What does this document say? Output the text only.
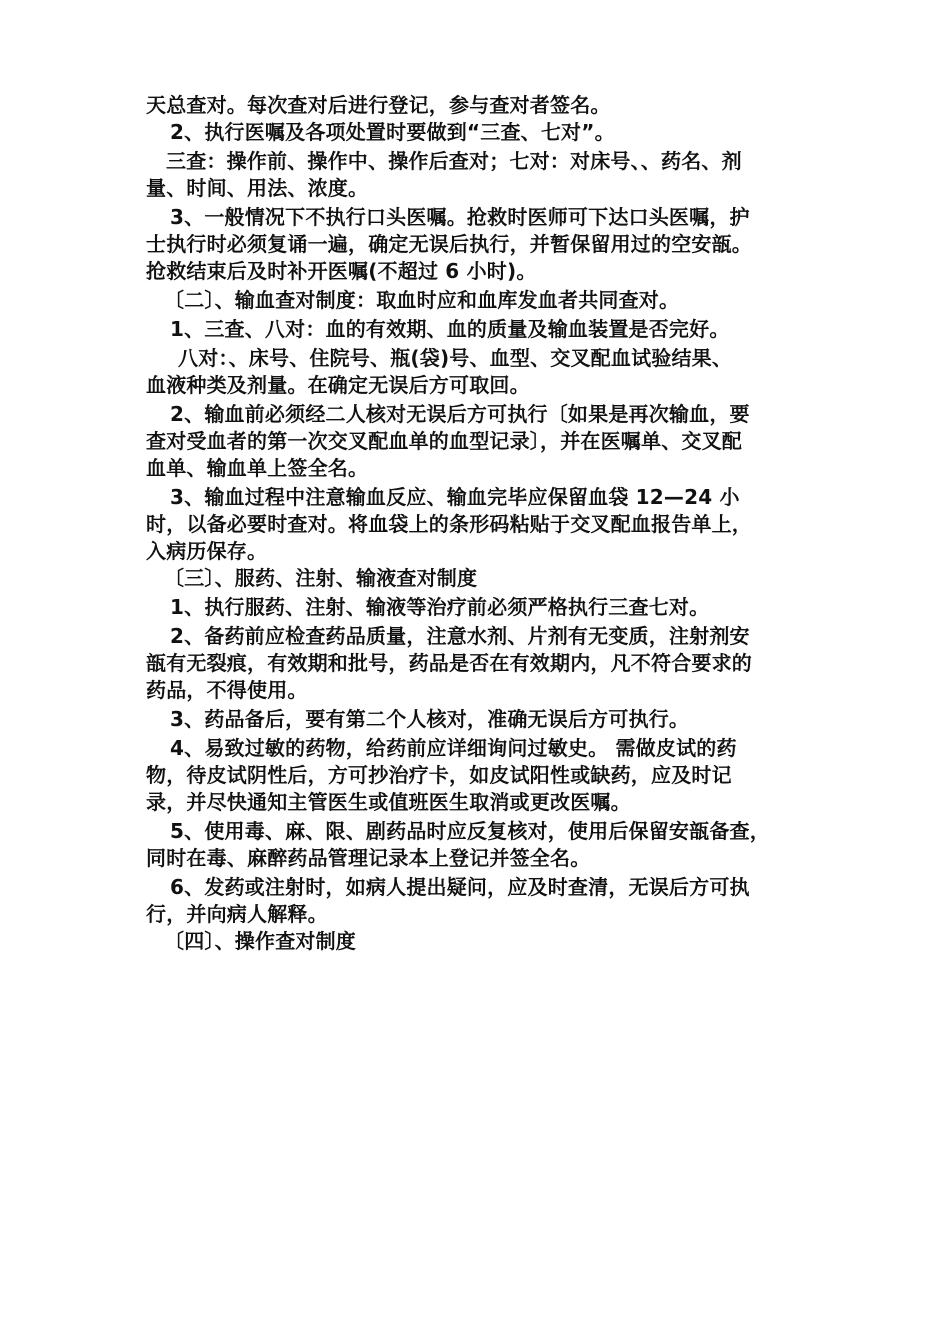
天总查对。每次查对后进行登记，参与查对者签名。
2、执行医嘱及各项处置时要做到“三查、七对”。
三查：操作前、操作中、操作后查对；七对：对床号、、药名、剂
量、时间、用法、浓度。
3、一般情况下不执行口头医嘱。抢救时医师可下达口头医嘱，护
士执行时必须复诵一遍，确定无误后执行，并暂保留用过的空安瓿。
抢救结束后及时补开医嘱(不超过 6 小时)。
〔二〕、输血查对制度：取血时应和血库发血者共同查对。
1、三查、八对：血的有效期、血的质量及输血装置是否完好。
八对：、床号、住院号、瓶(袋)号、血型、交叉配血试验结果、
血液种类及剂量。在确定无误后方可取回。
2、输血前必须经二人核对无误后方可执行〔如果是再次输血，要
查对受血者的第一次交叉配血单的血型记录〕，并在医嘱单、交叉配
血单、输血单上签全名。
3、输血过程中注意输血反应、输血完毕应保留血袋 12—24 小
时，以备必要时查对。将血袋上的条形码粘贴于交叉配血报告单上，
入病历保存。
〔三〕、服药、注射、输液查对制度
1、执行服药、注射、输液等治疗前必须严格执行三查七对。
2、备药前应检查药品质量，注意水剂、片剂有无变质，注射剂安
瓿有无裂痕，有效期和批号，药品是否在有效期内，凡不符合要求的
药品，不得使用。
3、药品备后，要有第二个人核对，准确无误后方可执行。
4、易致过敏的药物，给药前应详细询问过敏史。 需做皮试的药
物，待皮试阴性后，方可抄治疗卡，如皮试阳性或缺药，应及时记
录，并尽快通知主管医生或值班医生取消或更改医嘱。
5、使用毒、麻、限、剧药品时应反复核对，使用后保留安瓿备查，
同时在毒、麻醉药品管理记录本上登记并签全名。
6、发药或注射时，如病人提出疑问，应及时查清，无误后方可执
行，并向病人解释。
〔四〕、操作查对制度
